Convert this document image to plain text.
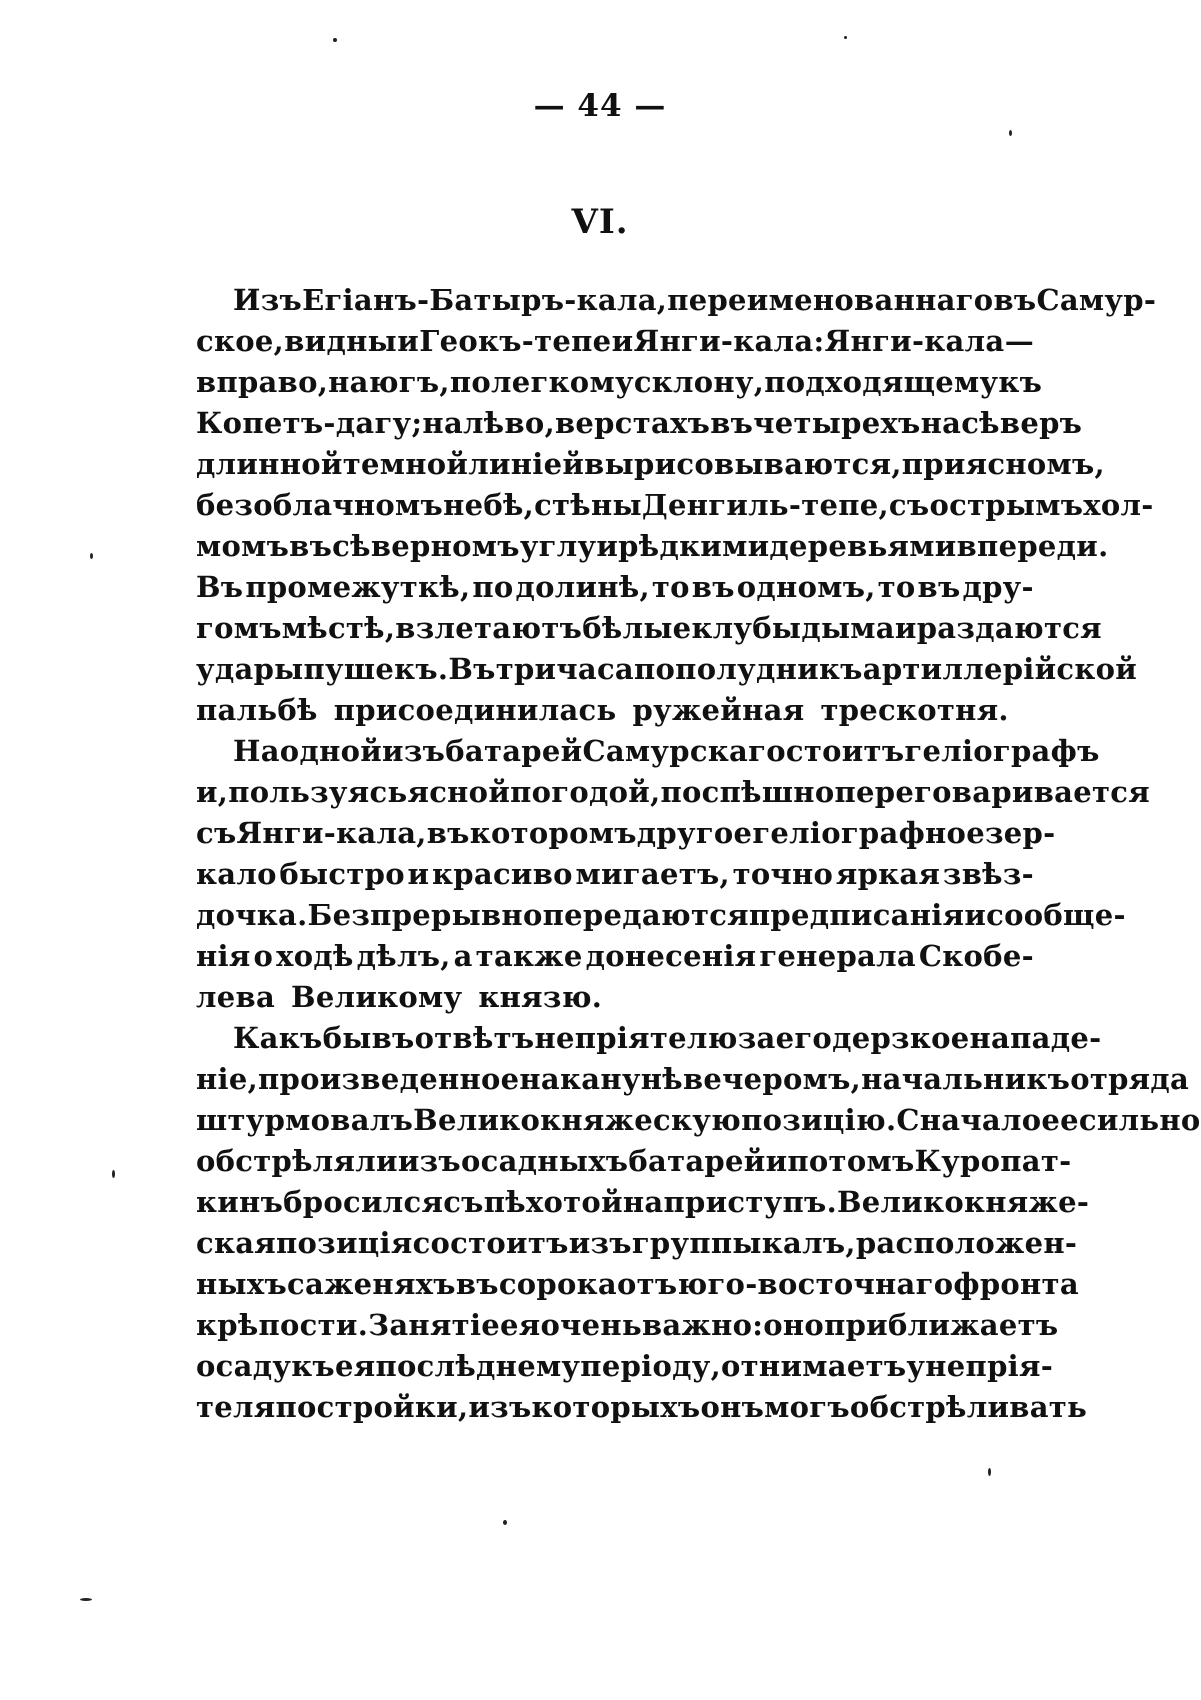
— 44 —
VI.
Изъ Егіанъ-Батыръ-кала, переименованнаго въ Самур-
ское, видны и Геокъ-тепе и Янги-кала: Янги-кала —
вправо, на югъ, по легкому склону, подходящему къ
Копетъ-дагу; налѣво, верстахъ въ четырехъ на сѣверъ
длинной темной линіей вырисовываются, при ясномъ,
безоблачномъ небѣ, стѣны Денгиль-тепе, съ острымъ хол-
момъ въ сѣверномъ углу и рѣдкими деревьями впереди.
Въ промежуткѣ, по долинѣ, то въ одномъ, то въ дру-
гомъ мѣстѣ, взлетаютъ бѣлые клубы дыма и раздаются
удары пушекъ. Въ три часа пополудни къ артиллерійской
пальбѣ присоединилась ружейная трескотня.
На одной изъ батарей Самурскаго стоитъ геліографъ
и, пользуясь ясной погодой, поспѣшно переговаривается
съ Янги-кала, въ которомъ другое геліографное зер-
кало быстро и красиво мигаетъ, точно яркая звѣз-
дочка. Безпрерывно передаются предписанія и сообще-
нія о ходѣ дѣлъ, а также донесенія генерала Скобе-
лева Великому князю.
Какъ бы въ отвѣтъ непріятелю за его дерзкое нападе-
ніе, произведенное наканунѣ вечеромъ, начальникъ отряда
штурмовалъ Великокняжескую позицію. Сначало ее сильно
обстрѣляли изъ осадныхъ батарей и потомъ Куропат-
кинъ бросился съ пѣхотой на приступъ. Великокняже-
ская позиція состоитъ изъ группы калъ, расположен-
ныхъ саженяхъ въ сорока отъ юго-восточнаго фронта
крѣпости. Занятіе ея очень важно: оно приближаетъ
осаду къ ея послѣднему періоду, отнимаетъ у непрія-
теля постройки, изъ которыхъ онъ могъ обстрѣливать
